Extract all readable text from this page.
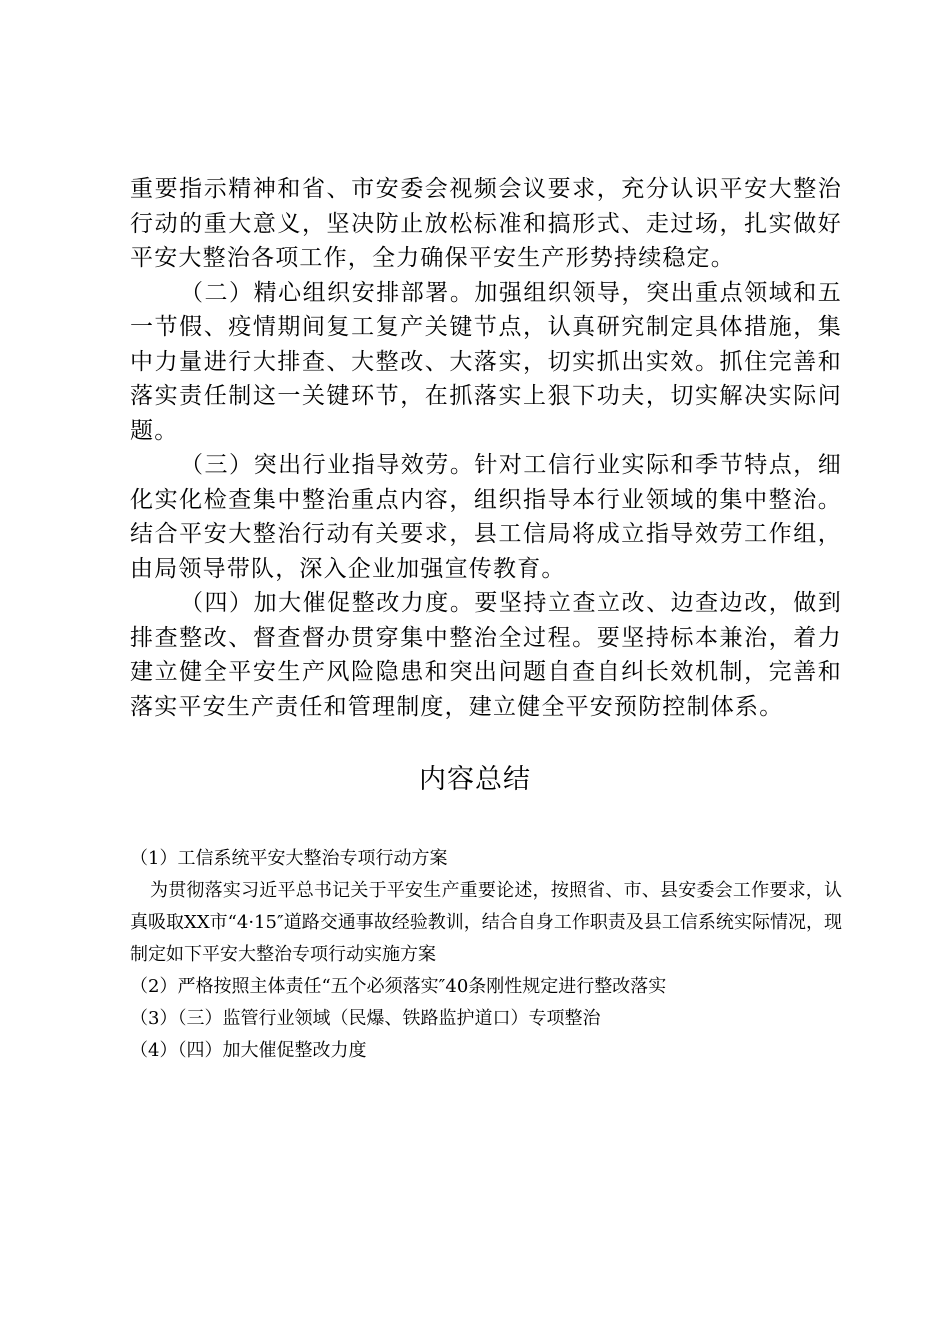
重要指示精神和省、市安委会视频会议要求，充分认识平安大整治行动的重大意义，坚决防止放松标准和搞形式、走过场，扎实做好平安大整治各项工作，全力确保平安生产形势持续稳定。

（二）精心组织安排部署。加强组织领导，突出重点领域和五一节假、疫情期间复工复产关键节点，认真研究制定具体措施，集中力量进行大排查、大整改、大落实，切实抓出实效。抓住完善和落实责任制这一关键环节，在抓落实上狠下功夫，切实解决实际问题。

（三）突出行业指导效劳。针对工信行业实际和季节特点，细化实化检查集中整治重点内容，组织指导本行业领域的集中整治。结合平安大整治行动有关要求，县工信局将成立指导效劳工作组，由局领导带队，深入企业加强宣传教育。

（四）加大催促整改力度。要坚持立查立改、边查边改，做到排查整改、督查督办贯穿集中整治全过程。要坚持标本兼治，着力建立健全平安生产风险隐患和突出问题自查自纠长效机制，完善和落实平安生产责任和管理制度，建立健全平安预防控制体系。

内容总结

（1）工信系统平安大整治专项行动方案

为贯彻落实习近平总书记关于平安生产重要论述，按照省、市、县安委会工作要求，认真吸取XX市“4·15″道路交通事故经验教训，结合自身工作职责及县工信系统实际情况，现制定如下平安大整治专项行动实施方案

（2）严格按照主体责任“五个必须落实″40条刚性规定进行整改落实

（3）（三）监管行业领域（民爆、铁路监护道口）专项整治

（4）（四）加大催促整改力度
